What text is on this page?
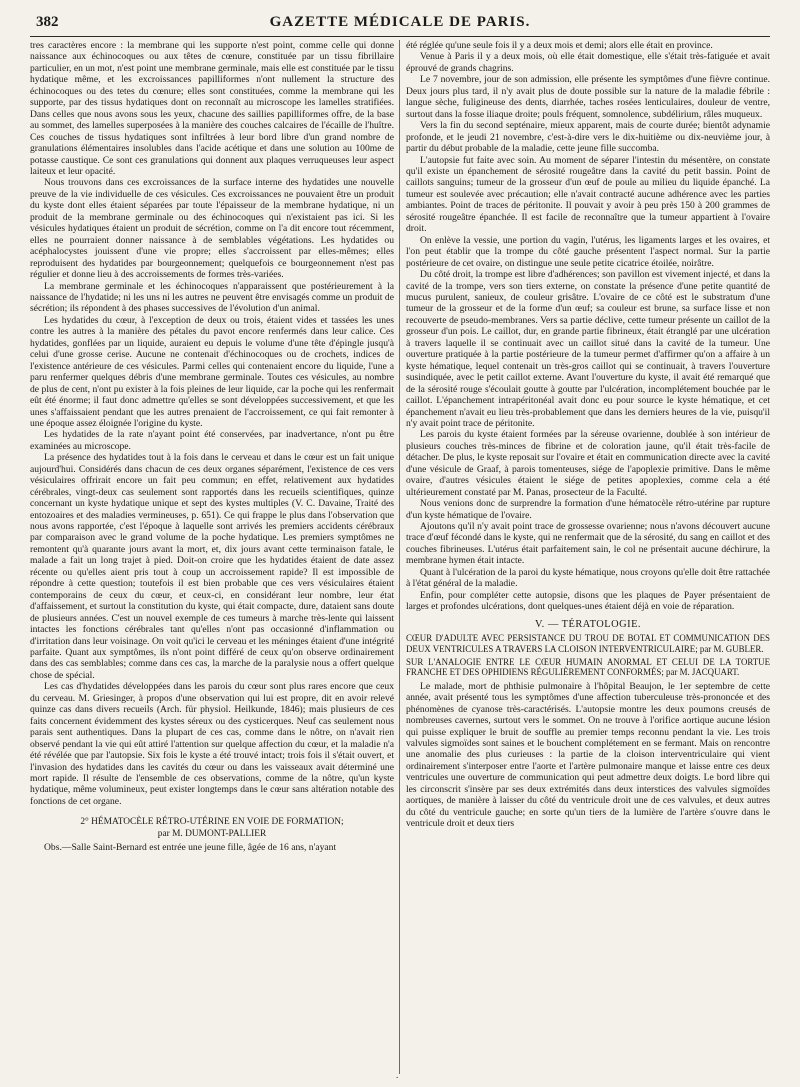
382	GAZETTE MÉDICALE DE PARIS.

tres caractères encore : la membrane qui les supporte n'est point, comme celle qui donne naissance aux échinocoques ou aux têtes de cœnure, constituée par un tissu fibrillaire particulier, en un mot, n'est point une membrane germinale, mais elle est constituée par le tissu hydatique même, et les excroissances papilliformes n'ont nullement la structure des échinocoques ou des tetes du cœnure; elles sont constituées, comme la membrane qui les supporte, par des tissus hydatiques dont on reconnaît au microscope les lamelles stratifiées. Dans celles que nous avons sous les yeux, chacune des saillies papilliformes offre, de la base au sommet, des lamelles superposées à la manière des couches calcaires de l'écaille de l'huître. Ces couches de tissus hydatiques sont infiltrées à leur bord libre d'un grand nombre de granulations élémentaires insolubles dans l'acide acétique et dans une solution au 100me de potasse caustique. Ce sont ces granulations qui donnent aux plaques verruqueuses leur aspect laiteux et leur opacité.

Nous trouvons dans ces excroissances de la surface interne des hydatides une nouvelle preuve de la vie individuelle de ces vésicules. Ces excroissances ne pouvaient être un produit du kyste dont elles étaient séparées par toute l'épaisseur de la membrane hydatique, ni un produit de la membrane germinale ou des échinocoques qui n'existaient pas ici. Si les vésicules hydatiques étaient un produit de sécrétion, comme on l'a dit encore tout récemment, elles ne pourraient donner naissance à de semblables végétations. Les hydatides ou acéphalocystes jouissent d'une vie propre; elles s'accroissent par elles-mêmes; elles reproduisent des hydatides par bourgeonnement; quelquefois ce bourgeonnement n'est pas régulier et donne lieu à des accroissements de formes très-variées.

La membrane germinale et les échinocoques n'apparaissent que postérieurement à la naissance de l'hydatide; ni les uns ni les autres ne peuvent être envisagés comme un produit de sécrétion; ils répondent à des phases successives de l'évolution d'un animal.

Les hydatides du cœur, à l'exception de deux ou trois, étaient vides et tassées les unes contre les autres à la manière des pétales du pavot encore renfermés dans leur calice. Ces hydatides, gonflées par un liquide, auraient eu depuis le volume d'une tête d'épingle jusqu'à celui d'une grosse cerise. Aucune ne contenait d'échinocoques ou de crochets, indices de l'existence antérieure de ces vésicules. Parmi celles qui contenaient encore du liquide, l'une a paru renfermer quelques débris d'une membrane germinale. Toutes ces vésicules, au nombre de plus de cent, n'ont pu exister à la fois pleines de leur liquide, car la poche qui les renfermait eût été énorme; il faut donc admettre qu'elles se sont développées successivement, et que les unes s'affaissaient pendant que les autres prenaient de l'accroissement, ce qui fait remonter à une époque assez éloignée l'origine du kyste.

Les hydatides de la rate n'ayant point été conservées, par inadvertance, n'ont pu être examinées au microscope.

La présence des hydatides tout à la fois dans le cerveau et dans le cœur est un fait unique aujourd'hui. Considérés dans chacun de ces deux organes séparément, l'existence de ces vers vésiculaires offrirait encore un fait peu commun; en effet, relativement aux hydatides cérébrales, vingt-deux cas seulement sont rapportés dans les recueils scientifiques, quinze concernant un kyste hydatique unique et sept des kystes multiples (V. C. Davaine, Traité des entozoaires et des maladies vermineuses, p. 651). Ce qui frappe le plus dans l'observation que nous avons rapportée, c'est l'époque à laquelle sont arrivés les premiers accidents cérébraux par comparaison avec le grand volume de la poche hydatique. Les premiers symptômes ne remontent qu'à quarante jours avant la mort, et, dix jours avant cette terminaison fatale, le malade a fait un long trajet à pied. Doit-on croire que les hydatides étaient de date assez récente ou qu'elles aient pris tout à coup un accroissement rapide? Il est impossible de répondre à cette question; toutefois il est bien probable que ces vers vésiculaires étaient contemporains de ceux du cœur, et ceux-ci, en considérant leur nombre, leur état d'affaissement, et surtout la constitution du kyste, qui était compacte, dure, dataient sans doute de plusieurs années. C'est un nouvel exemple de ces tumeurs à marche très-lente qui laissent intactes les fonctions cérébrales tant qu'elles n'ont pas occasionné d'inflammation ou d'irritation dans leur voisinage. On voit qu'ici le cerveau et les méninges étaient d'une intégrité parfaite. Quant aux symptômes, ils n'ont point différé de ceux qu'on observe ordinairement dans des cas semblables; comme dans ces cas, la marche de la paralysie nous a offert quelque chose de spécial.

Les cas d'hydatides développées dans les parois du cœur sont plus rares encore que ceux du cerveau. M. Griesinger, à propos d'une observation qui lui est propre, dit en avoir relevé quinze cas dans divers recueils (Arch. für physiol. Heilkunde, 1846); mais plusieurs de ces faits concernent évidemment des kystes séreux ou des cysticerques. Neuf cas seulement nous parais sent authentiques. Dans la plupart de ces cas, comme dans le nôtre, on n'avait rien observé pendant la vie qui eût attiré l'attention sur quelque affection du cœur, et la maladie n'a été révélée que par l'autopsie. Six fois le kyste a été trouvé intact; trois fois il s'était ouvert, et l'invasion des hydatides dans les cavités du cœur ou dans les vaisseaux avait déterminé une mort rapide. Il résulte de l'ensemble de ces observations, comme de la nôtre, qu'un kyste hydatique, même volumineux, peut exister longtemps dans le cœur sans altération notable des fonctions de cet organe.

2° HÉMATOCÈLE RÉTRO-UTÉRINE EN VOIE DE FORMATION;
par M. DUMONT-PALLIER

Obs.—Salle Saint-Bernard est entrée une jeune fille, âgée de 16 ans, n'ayant

été réglée qu'une seule fois il y a deux mois et demi; alors elle était en province.

Venue à Paris il y a deux mois, où elle était domestique, elle s'était très-fatiguée et avait éprouvé de grands chagrins.

Le 7 novembre, jour de son admission, elle présente les symptômes d'une fièvre continue. Deux jours plus tard, il n'y avait plus de doute possible sur la nature de la maladie fébrile : langue sèche, fuligineuse des dents, diarrhée, taches rosées lenticulaires, douleur de ventre, surtout dans la fosse iliaque droite; pouls fréquent, somnolence, subdélirium, râles muqueux.

Vers la fin du second septénaire, mieux apparent, mais de courte durée; bientôt adynamie profonde, et le jeudi 21 novembre, c'est-à-dire vers le dix-huitième ou dix-neuvième jour, à partir du début probable de la maladie, cette jeune fille succomba.

L'autopsie fut faite avec soin. Au moment de séparer l'intestin du mésentère, on constate qu'il existe un épanchement de sérosité rougeâtre dans la cavité du petit bassin. Point de caillots sanguins; tumeur de la grosseur d'un œuf de poule au milieu du liquide épanché. La tumeur est soulevée avec précaution; elle n'avait contracté aucune adhérence avec les parties ambiantes. Point de traces de péritonite. Il pouvait y avoir à peu près 150 à 200 grammes de sérosité rougeâtre épanchée. Il est facile de reconnaître que la tumeur appartient à l'ovaire droit.

On enlève la vessie, une portion du vagin, l'utérus, les ligaments larges et les ovaires, et l'on peut établir que la trompe du côté gauche présentent l'aspect normal. Sur la partie postérieure de cet ovaire, on distingue une seule petite cicatrice étoilée, noirâtre.

Du côté droit, la trompe est libre d'adhérences; son pavillon est vivement injecté, et dans la cavité de la trompe, vers son tiers externe, on constate la présence d'une petite quantité de mucus purulent, sanieux, de couleur grisâtre. L'ovaire de ce côté est le substratum d'une tumeur de la grosseur et de la forme d'un œuf; sa couleur est brune, sa surface lisse et non recouverte de pseudo-membranes. Vers sa partie déclive, cette tumeur présente un caillot de la grosseur d'un pois. Le caillot, dur, en grande partie fibrineux, était étranglé par une ulcération à travers laquelle il se continuait avec un caillot situé dans la cavité de la tumeur. Une ouverture pratiquée à la partie postérieure de la tumeur permet d'affirmer qu'on a affaire à un kyste hématique, lequel contenait un très-gros caillot qui se continuait, à travers l'ouverture susindiquée, avec le petit caillot externe. Avant l'ouverture du kyste, il avait été remarqué que de la sérosité rouge s'écoulait goutte à goutte par l'ulcération, incomplétement bouchée par le caillot. L'épanchement intrapéritonéal avait donc eu pour source le kyste hématique, et cet épanchement n'avait eu lieu très-probablement que dans les derniers heures de la vie, puisqu'il n'y avait point trace de péritonite.

Les parois du kyste étaient formées par la séreuse ovarienne, doublée à son intérieur de plusieurs couches très-minces de fibrine et de coloration jaune, qu'il était très-facile de détacher. De plus, le kyste reposait sur l'ovaire et était en communication directe avec la cavité d'une vésicule de Graaf, à parois tomenteuses, siége de l'apoplexie primitive. Dans le même ovaire, d'autres vésicules étaient le siége de petites apoplexies, comme cela a été ultérieurement constaté par M. Panas, prosecteur de la Faculté.

Nous venions donc de surprendre la formation d'une hématocèle rétro-utérine par rupture d'un kyste hématique de l'ovaire.

Ajoutons qu'il n'y avait point trace de grossesse ovarienne; nous n'avons découvert aucune trace d'œuf fécondé dans le kyste, qui ne renfermait que de la sérosité, du sang en caillot et des couches fibrineuses. L'utérus était parfaitement sain, le col ne présentait aucune déchirure, la membrane hymen était intacte.

Quant à l'ulcération de la paroi du kyste hématique, nous croyons qu'elle doit être rattachée à l'état général de la maladie.

Enfin, pour compléter cette autopsie, disons que les plaques de Payer présentaient de larges et profondes ulcérations, dont quelques-unes étaient déjà en voie de réparation.

V. — TÉRATOLOGIE.

CŒUR D'ADULTE AVEC PERSISTANCE DU TROU DE BOTAL ET COMMUNICATION DES DEUX VENTRICULES A TRAVERS LA CLOISON INTERVENTRICULAIRE; par M. GUBLER.

SUR L'ANALOGIE ENTRE LE CŒUR HUMAIN ANORMAL ET CELUI DE LA TORTUE FRANCHE ET DES OPHIDIENS RÉGULIÈREMENT CONFORMÉS; par M. JACQUART.

Le malade, mort de phthisie pulmonaire à l'hôpital Beaujon, le 1er septembre de cette année, avait présenté tous les symptômes d'une affection tuberculeuse très-prononcée et des phénomènes de cyanose très-caractérisés. L'autopsie montre les deux poumons creusés de nombreuses cavernes, surtout vers le sommet. On ne trouve à l'orifice aortique aucune lésion qui puisse expliquer le bruit de souffle au premier temps reconnu pendant la vie. Les trois valvules sigmoïdes sont saines et le bouchent complétement en se fermant. Mais on rencontre une anomalie des plus curieuses : la partie de la cloison interventriculaire qui vient ordinairement s'interposer entre l'aorte et l'artère pulmonaire manque et laisse entre ces deux ventricules une ouverture de communication qui peut admettre deux doigts. Le bord libre qui les circonscrit s'insère par ses deux extrémités dans deux interstices des valvules sigmoïdes aortiques, de manière à laisser du côté du ventricule droit une de ces valvules, et deux autres du côté du ventricule gauche; en sorte qu'un tiers de la lumière de l'artère s'ouvre dans le ventricule droit et deux tiers

.
